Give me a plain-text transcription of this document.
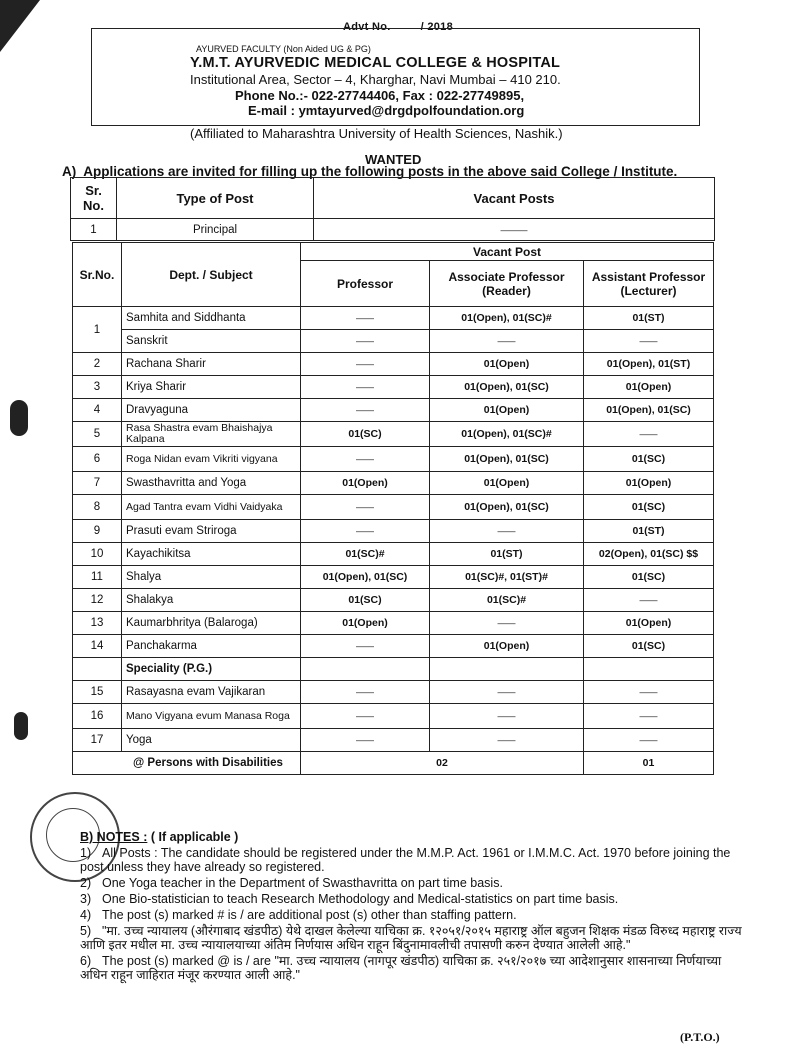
Advt No.	/ 2018
AYURVED FACULTY (Non Aided UG & PG)
Y.M.T. AYURVEDIC MEDICAL COLLEGE & HOSPITAL
Institutional Area, Sector – 4, Kharghar, Navi Mumbai – 410 210.
Phone No.:- 022-27744406, Fax : 022-27749895,
E-mail : ymtayurved@drgdpolfoundation.org
(Affiliated to Maharashtra University of Health Sciences, Nashik.)
WANTED
A) Applications are invited for filling up the following posts in the above said College / Institute.
Sr. No.	Type of Post	Vacant Posts
1	Principal	———
Sr.No.	Dept. / Subject	Vacant Post		
		Professor	Associate Professor (Reader)	Assistant Professor (Lecturer)
1	Samhita and Siddhanta	——	01(Open), 01(SC)#	01(ST)
	Sanskrit	——	——	——
2	Rachana Sharir	——	01(Open)	01(Open), 01(ST)
3	Kriya Sharir	——	01(Open), 01(SC)	01(Open)
4	Dravyaguna	——	01(Open)	01(Open), 01(SC)
5	Rasa Shastra evam Bhaishajya Kalpana	01(SC)	01(Open), 01(SC)#	——
6	Roga Nidan evam Vikriti vigyana	——	01(Open), 01(SC)	01(SC)
7	Swasthavritta and Yoga	01(Open)	01(Open)	01(Open)
8	Agad Tantra evam Vidhi Vaidyaka	——	01(Open), 01(SC)	01(SC)
9	Prasuti evam Striroga	——	——	01(ST)
10	Kayachikitsa	01(SC)#	01(ST)	02(Open), 01(SC) $$
11	Shalya	01(Open), 01(SC)	01(SC)#, 01(ST)#	01(SC)
12	Shalakya	01(SC)	01(SC)#	——
13	Kaumarbhritya (Balaroga)	01(Open)	——	01(Open)
14	Panchakarma	——	01(Open)	01(SC)
	Speciality (P.G.)			
15	Rasayasna evam Vajikaran	——	——	——
16	Mano Vigyana evum Manasa Roga	——	——	——
17	Yoga	——	——	——
@ Persons with Disabilities		02		01
B) NOTES : ( If applicable )
1) All Posts : The candidate should be registered under the M.M.P. Act. 1961 or I.M.M.C. Act. 1970 before joining the post unless they have already so registered.
2) One Yoga teacher in the Department of Swasthavritta on part time basis.
3) One Bio-statistician to teach Research Methodology and Medical-statistics on part time basis.
4) The post (s) marked # is / are additional post (s) other than staffing pattern.
5) "मा. उच्च न्यायालय (औरंगाबाद खंडपीठ) येथे दाखल केलेल्या याचिका क्र. १२०५१/२०१५ महाराष्ट्र ऑल बहुजन शिक्षक मंडळ विरुध्द महाराष्ट्र राज्य आणि इतर मधील मा. उच्च न्यायालयाच्या अंतिम निर्णयास अधिन राहून बिंदुनामावलीची तपासणी करुन देण्यात आलेली आहे."
6) The post (s) marked @ is / are "मा. उच्च न्यायालय (नागपूर खंडपीठ) याचिका क्र. २५१/२०१७ च्या आदेशानुसार शासनाच्या निर्णयाच्या अधिन राहून जाहिरात मंजूर करण्यात आली आहे."
(P.T.O.)
